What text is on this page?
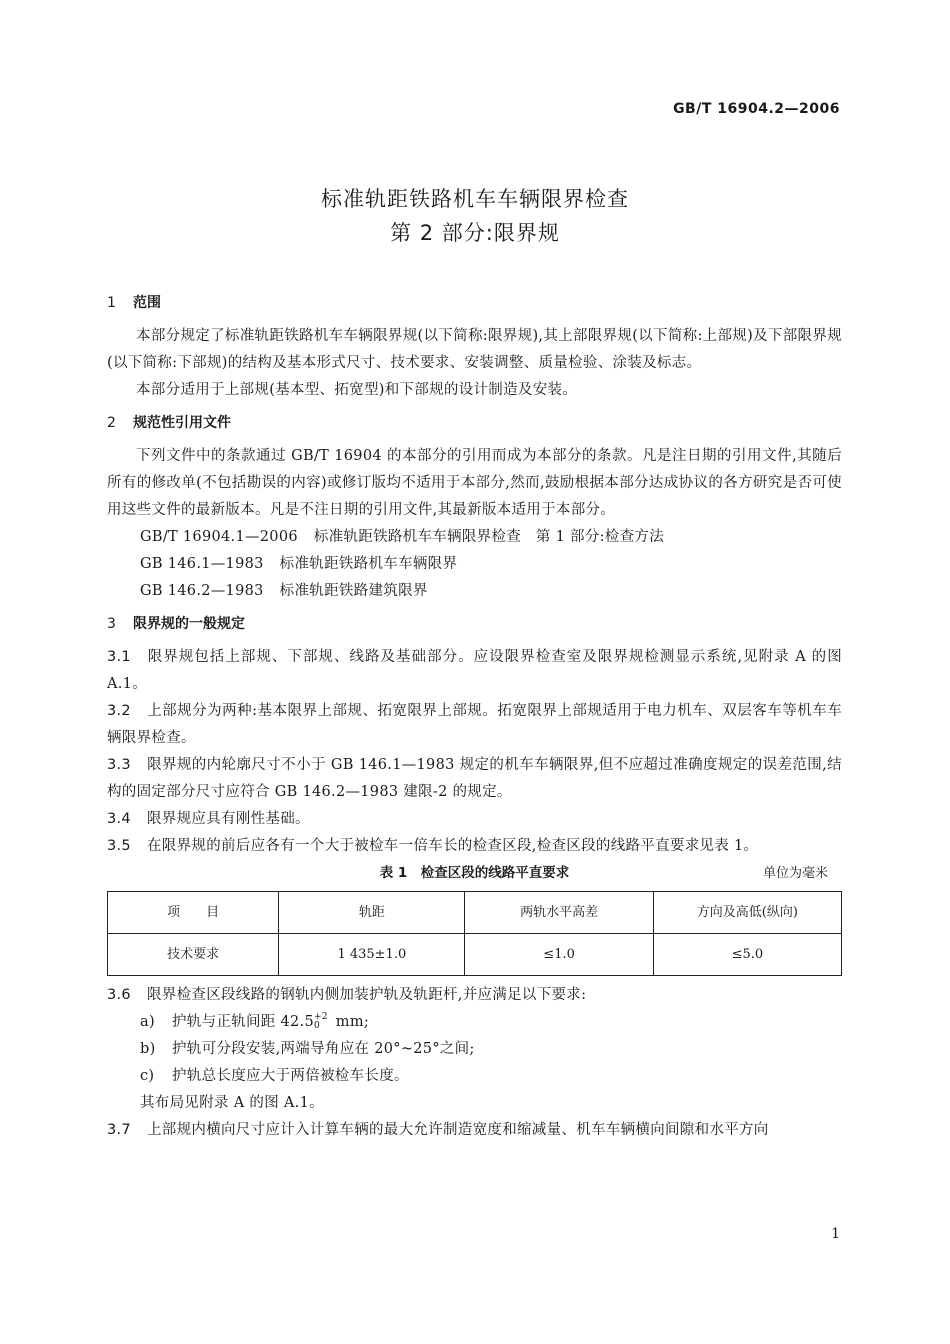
GB/T 16904.2—2006
标准轨距铁路机车车辆限界检查
第 2 部分:限界规
1 范围

本部分规定了标准轨距铁路机车车辆限界规(以下简称:限界规),其上部限界规(以下简称:上部规)及下部限界规(以下简称:下部规)的结构及基本形式尺寸、技术要求、安装调整、质量检验、涂装及标志。

本部分适用于上部规(基本型、拓宽型)和下部规的设计制造及安装。

2 规范性引用文件

下列文件中的条款通过 GB/T 16904 的本部分的引用而成为本部分的条款。凡是注日期的引用文件,其随后所有的修改单(不包括勘误的内容)或修订版均不适用于本部分,然而,鼓励根据本部分达成协议的各方研究是否可使用这些文件的最新版本。凡是不注日期的引用文件,其最新版本适用于本部分。

GB/T 16904.1—2006 标准轨距铁路机车车辆限界检查　第 1 部分:检查方法

GB 146.1—1983 标准轨距铁路机车车辆限界

GB 146.2—1983 标准轨距铁路建筑限界

3 限界规的一般规定

3.1 限界规包括上部规、下部规、线路及基础部分。应设限界检查室及限界规检测显示系统,见附录 A 的图 A.1。

3.2 上部规分为两种:基本限界上部规、拓宽限界上部规。拓宽限界上部规适用于电力机车、双层客车等机车车辆限界检查。

3.3 限界规的内轮廓尺寸不小于 GB 146.1—1983 规定的机车车辆限界,但不应超过准确度规定的误差范围,结构的固定部分尺寸应符合 GB 146.2—1983 建限-2 的规定。

3.4 限界规应具有刚性基础。

3.5 在限界规的前后应各有一个大于被检车一倍车长的检查区段,检查区段的线路平直要求见表 1。

表 1　检查区段的线路平直要求	单位为毫米
项　　目	轨距	两轨水平高差	方向及高低(纵向)
技术要求	1 435±1.0	≤1.0	≤5.0

3.6 限界检查区段线路的钢轨内侧加装护轨及轨距杆,并应满足以下要求:

a) 护轨与正轨间距 42.5 +2
0 mm;

b) 护轨可分段安装,两端导角应在 20°~25°之间;

c) 护轨总长度应大于两倍被检车长度。

其布局见附录 A 的图 A.1。

3.7 上部规内横向尺寸应计入计算车辆的最大允许制造宽度和缩减量、机车车辆横向间隙和水平方向

1
